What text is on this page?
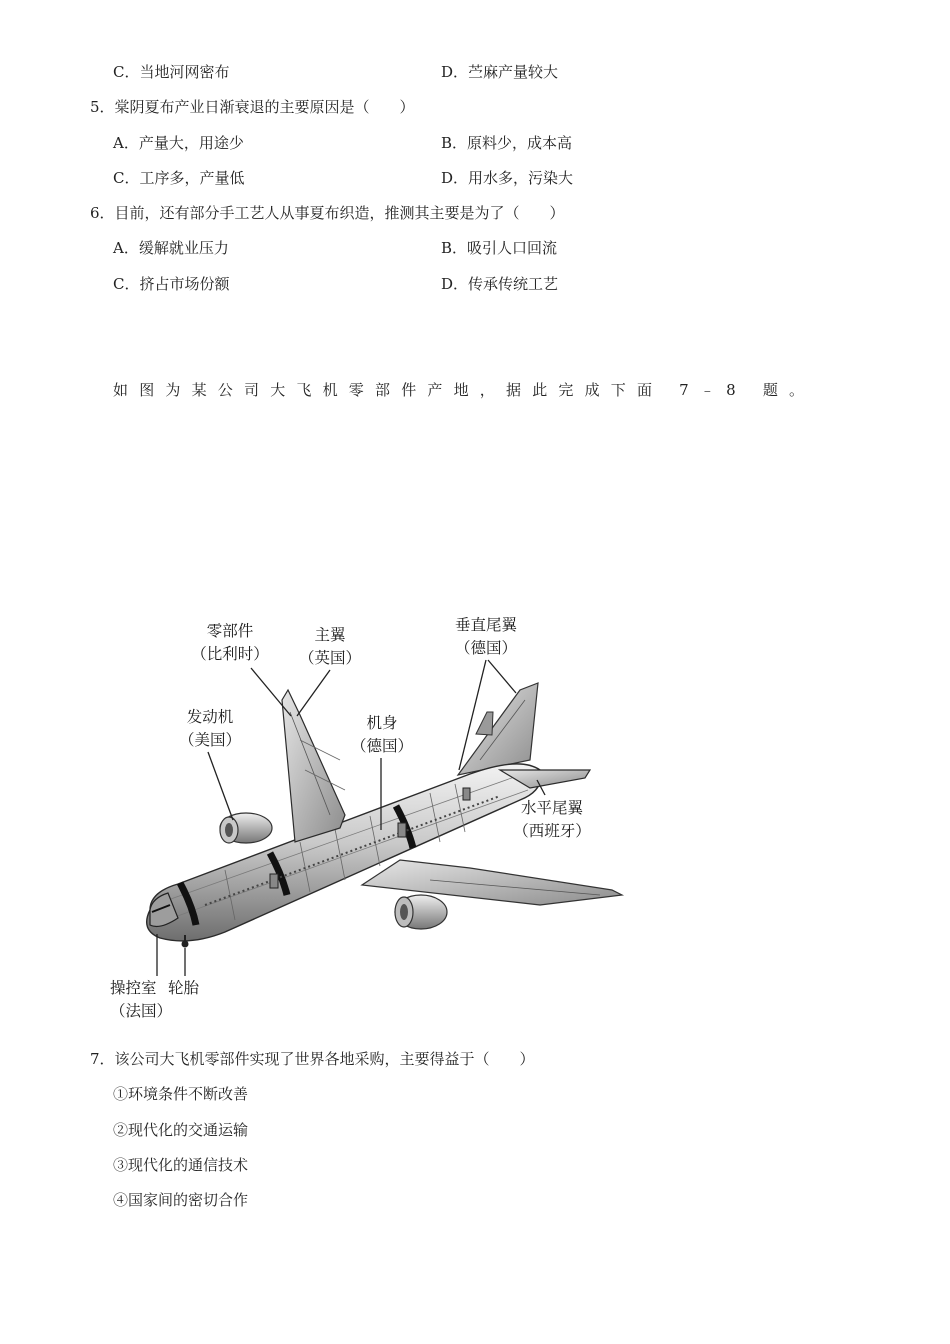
C．当地河网密布	D．苎麻产量较大
5．棠阴夏布产业日渐衰退的主要原因是（　　）
A．产量大，用途少	B．原料少，成本高
C．工序多，产量低	D．用水多，污染大
6．目前，还有部分手工艺人从事夏布织造，推测其主要是为了（　　）
A．缓解就业压力	B．吸引人口回流
C．挤占市场份额	D．传承传统工艺
如图为某公司大飞机零部件产地，据此完成下面 7﹣8 题。
零部件
（比利时）
主翼
（英国）
垂直尾翼
（德国）
发动机
（美国）
机身
（德国）
水平尾翼
（西班牙）
操控室
（法国）
轮胎
7．该公司大飞机零部件实现了世界各地采购，主要得益于（　　）
①环境条件不断改善
②现代化的交通运输
③现代化的通信技术
④国家间的密切合作
